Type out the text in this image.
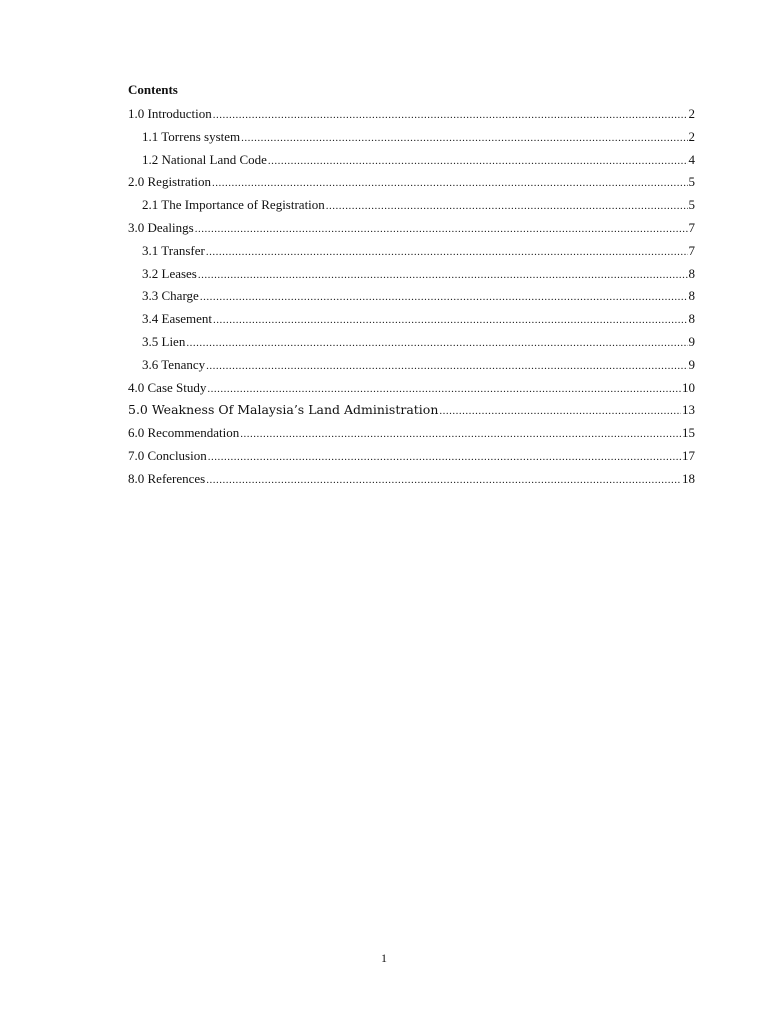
Contents
1.0 Introduction .....	2
1.1 Torrens system .....	2
1.2 National Land Code .....	4
2.0 Registration .....	5
2.1 The Importance of Registration .....	5
3.0 Dealings .....	7
3.1 Transfer .....	7
3.2 Leases .....	8
3.3 Charge .....	8
3.4 Easement .....	8
3.5 Lien .....	9
3.6 Tenancy .....	9
4.0 Case Study .....	10
5.0 Weakness Of Malaysia’s Land Administration .....	13
6.0 Recommendation .....	15
7.0 Conclusion .....	17
8.0 References .....	18
1
